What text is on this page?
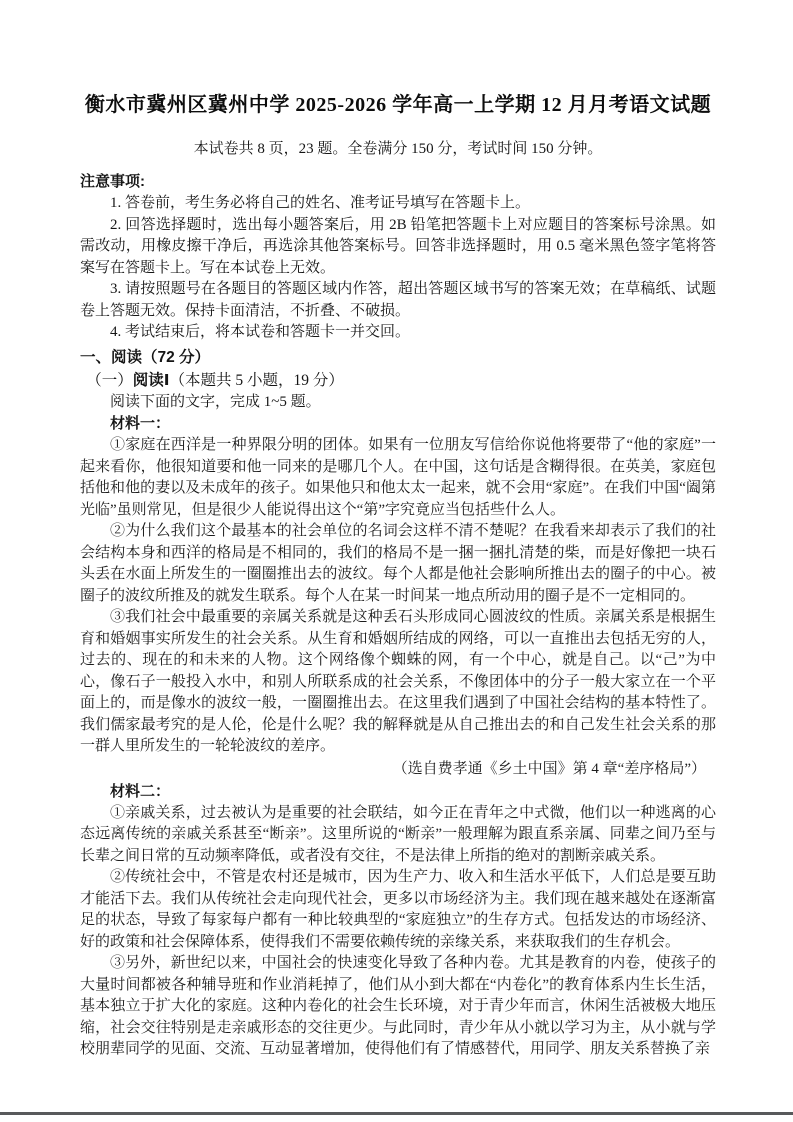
衡水市冀州区冀州中学 2025-2026 学年高一上学期 12 月月考语文试题
本试卷共 8 页，23 题。全卷满分 150 分，考试时间 150 分钟。
注意事项:

1. 答卷前，考生务必将自己的姓名、准考证号填写在答题卡上。

2. 回答选择题时，选出每小题答案后，用 2B 铅笔把答题卡上对应题目的答案标号涂黑。如需改动，用橡皮擦干净后，再选涂其他答案标号。回答非选择题时，用 0.5 毫米黑色签字笔将答案写在答题卡上。写在本试卷上无效。

3. 请按照题号在各题目的答题区域内作答，超出答题区域书写的答案无效；在草稿纸、试题卷上答题无效。保持卡面清洁，不折叠、不破损。

4. 考试结束后，将本试卷和答题卡一并交回。

一、阅读（72 分）
（一）阅读Ⅰ（本题共 5 小题，19 分）

阅读下面的文字，完成 1~5 题。

材料一：

①家庭在西洋是一种界限分明的团体。如果有一位朋友写信给你说他将要带了“他的家庭”一起来看你，他很知道要和他一同来的是哪几个人。在中国，这句话是含糊得很。在英美，家庭包括他和他的妻以及未成年的孩子。如果他只和他太太一起来，就不会用“家庭”。在我们中国“阖第光临”虽则常见，但是很少人能说得出这个“第”字究竟应当包括些什么人。

②为什么我们这个最基本的社会单位的名词会这样不清不楚呢？在我看来却表示了我们的社会结构本身和西洋的格局是不相同的，我们的格局不是一捆一捆扎清楚的柴，而是好像把一块石头丢在水面上所发生的一圈圈推出去的波纹。每个人都是他社会影响所推出去的圈子的中心。被圈子的波纹所推及的就发生联系。每个人在某一时间某一地点所动用的圈子是不一定相同的。

③我们社会中最重要的亲属关系就是这种丢石头形成同心圆波纹的性质。亲属关系是根据生育和婚姻事实所发生的社会关系。从生育和婚姻所结成的网络，可以一直推出去包括无穷的人，过去的、现在的和未来的人物。这个网络像个蜘蛛的网，有一个中心，就是自己。以“己”为中心，像石子一般投入水中，和别人所联系成的社会关系，不像团体中的分子一般大家立在一个平面上的，而是像水的波纹一般，一圈圈推出去。在这里我们遇到了中国社会结构的基本特性了。我们儒家最考究的是人伦，伦是什么呢？我的解释就是从自己推出去的和自己发生社会关系的那一群人里所发生的一轮轮波纹的差序。

（选自费孝通《乡土中国》第 4 章“差序格局”）

材料二：

①亲戚关系，过去被认为是重要的社会联结，如今正在青年之中式微，他们以一种逃离的心态远离传统的亲戚关系甚至“断亲”。这里所说的“断亲”一般理解为跟直系亲属、同辈之间乃至与长辈之间日常的互动频率降低，或者没有交往，不是法律上所指的绝对的割断亲戚关系。

②传统社会中，不管是农村还是城市，因为生产力、收入和生活水平低下，人们总是要互助才能活下去。我们从传统社会走向现代社会，更多以市场经济为主。我们现在越来越处在逐渐富足的状态，导致了每家每户都有一种比较典型的“家庭独立”的生存方式。包括发达的市场经济、好的政策和社会保障体系，使得我们不需要依赖传统的亲缘关系，来获取我们的生存机会。

③另外，新世纪以来，中国社会的快速变化导致了各种内卷。尤其是教育的内卷，使孩子的大量时间都被各种辅导班和作业消耗掉了，他们从小到大都在“内卷化”的教育体系内生长生活，基本独立于扩大化的家庭。这种内卷化的社会生长环境，对于青少年而言，休闲生活被极大地压缩，社会交往特别是走亲戚形态的交往更少。与此同时，青少年从小就以学习为主，从小就与学校朋辈同学的见面、交流、互动显著增加，使得他们有了情感替代，用同学、朋友关系替换了亲
